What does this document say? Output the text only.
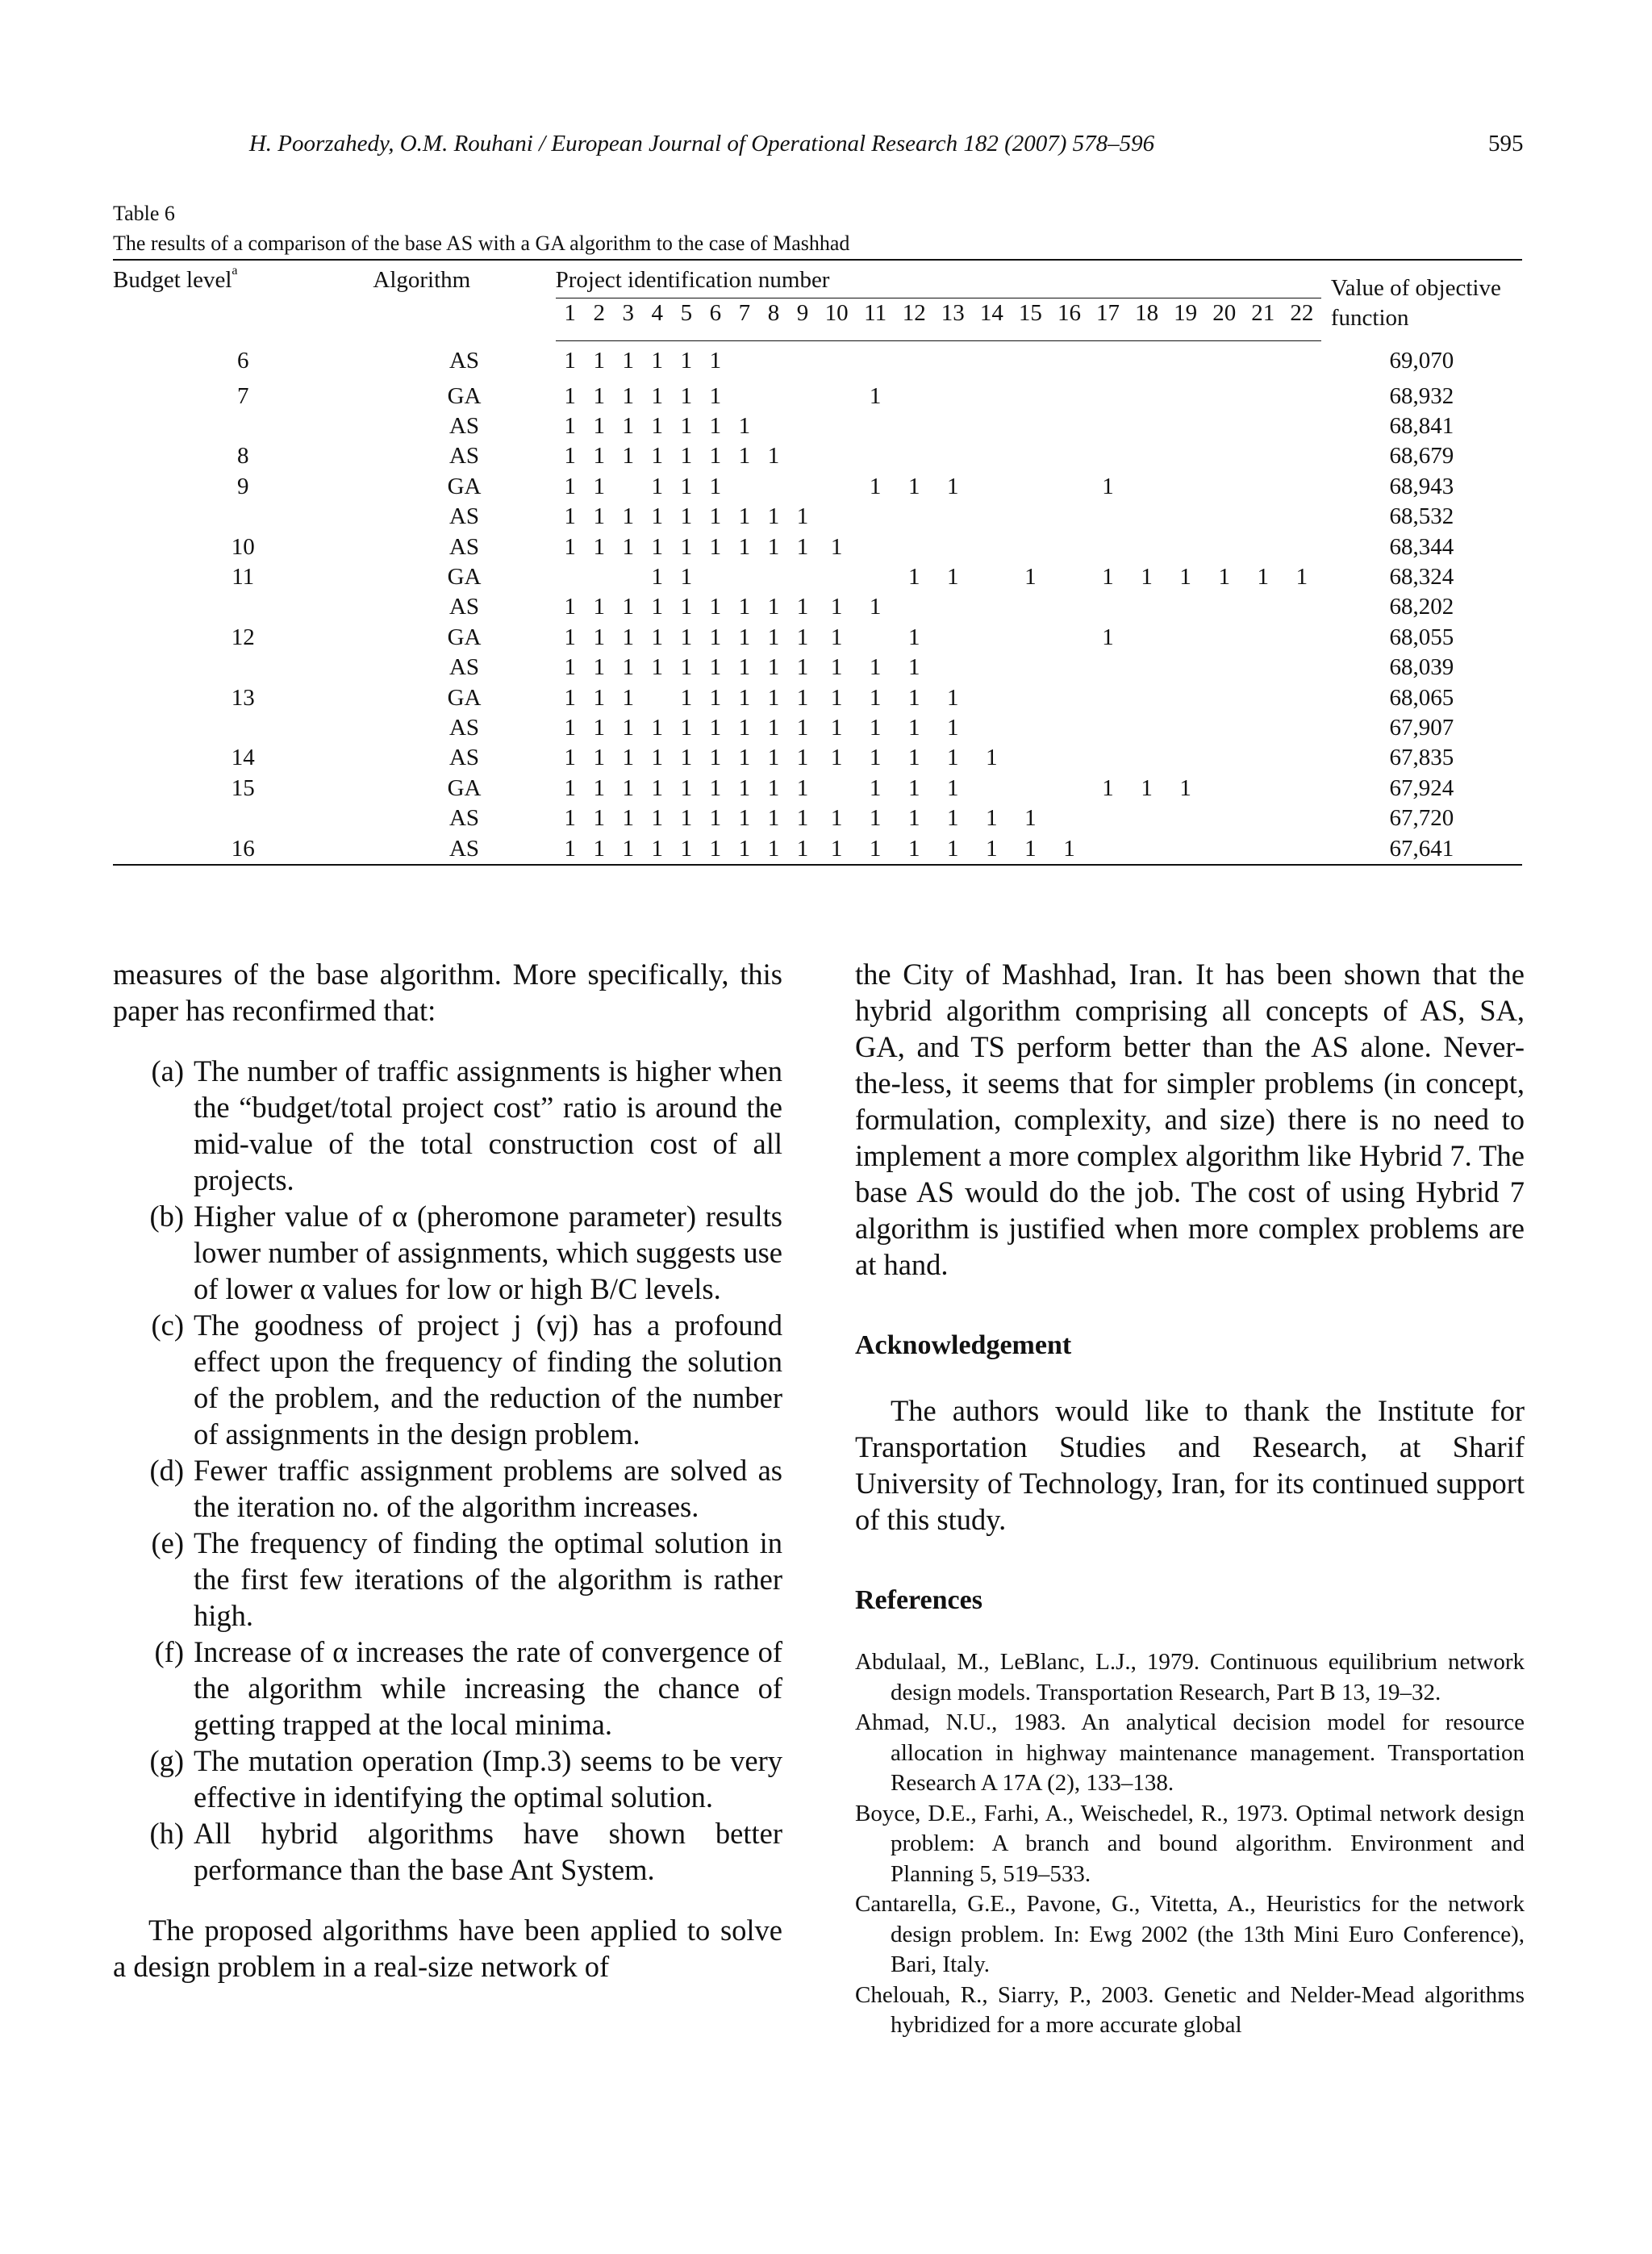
H. Poorzahedy, O.M. Rouhani / European Journal of Operational Research 182 (2007) 578–596	595
Table 6
The results of a comparison of the base AS with a GA algorithm to the case of Mashhad
Budget level$^a$	Algorithm	Project identification number																						Value of objective function

		1	2	3	4	5	6	7	8	9	10	11	12	13	14	15	16	17	18	19	20	21	22	
6	AS	1	1	1	1	1	1																	69,070
7	GA	1	1	1	1	1	1					1												68,932
	AS	1	1	1	1	1	1	1																68,841
8	AS	1	1	1	1	1	1	1	1															68,679
9	GA	1	1		1	1	1					1	1	1				1						68,943
	AS	1	1	1	1	1	1	1	1	1														68,532
10	AS	1	1	1	1	1	1	1	1	1	1													68,344
11	GA				1	1							1	1		1		1	1	1	1	1	1	68,324
	AS	1	1	1	1	1	1	1	1	1	1	1												68,202
12	GA	1	1	1	1	1	1	1	1	1	1		1					1						68,055
	AS	1	1	1	1	1	1	1	1	1	1	1	1											68,039
13	GA	1	1	1		1	1	1	1	1	1	1	1	1										68,065
	AS	1	1	1	1	1	1	1	1	1	1	1	1	1										67,907
14	AS	1	1	1	1	1	1	1	1	1	1	1	1	1	1									67,835
15	GA	1	1	1	1	1	1	1	1	1		1	1	1				1	1	1				67,924
	AS	1	1	1	1	1	1	1	1	1	1	1	1	1	1	1								67,720
16	AS	1	1	1	1	1	1	1	1	1	1	1	1	1	1	1	1							67,641

measures of the base algorithm. More specifically, this paper has reconfirmed that:

(a) The number of traffic assignments is higher when the “budget/total project cost” ratio is around the mid-value of the total construction cost of all projects.
(b) Higher value of α (pheromone parameter) results lower number of assignments, which suggests use of lower α values for low or high B/C levels.
(c) The goodness of project j (vj) has a profound effect upon the frequency of finding the solution of the problem, and the reduction of the number of assignments in the design problem.
(d) Fewer traffic assignment problems are solved as the iteration no. of the algorithm increases.
(e) The frequency of finding the optimal solution in the first few iterations of the algorithm is rather high.
(f) Increase of α increases the rate of convergence of the algorithm while increasing the chance of getting trapped at the local minima.
(g) The mutation operation (Imp.3) seems to be very effective in identifying the optimal solution.
(h) All hybrid algorithms have shown better performance than the base Ant System.

The proposed algorithms have been applied to solve a design problem in a real-size network of

the City of Mashhad, Iran. It has been shown that the hybrid algorithm comprising all concepts of AS, SA, GA, and TS perform better than the AS alone. Never-the-less, it seems that for simpler problems (in concept, formulation, complexity, and size) there is no need to implement a more complex algorithm like Hybrid 7. The base AS would do the job. The cost of using Hybrid 7 algorithm is justified when more complex problems are at hand.

Acknowledgement

The authors would like to thank the Institute for Transportation Studies and Research, at Sharif University of Technology, Iran, for its continued support of this study.

References
Abdulaal, M., LeBlanc, L.J., 1979. Continuous equilibrium network design models. Transportation Research, Part B 13, 19–32.
Ahmad, N.U., 1983. An analytical decision model for resource allocation in highway maintenance management. Transportation Research A 17A (2), 133–138.
Boyce, D.E., Farhi, A., Weischedel, R., 1973. Optimal network design problem: A branch and bound algorithm. Environment and Planning 5, 519–533.
Cantarella, G.E., Pavone, G., Vitetta, A., Heuristics for the network design problem. In: Ewg 2002 (the 13th Mini Euro Conference), Bari, Italy.
Chelouah, R., Siarry, P., 2003. Genetic and Nelder-Mead algorithms hybridized for a more accurate global
